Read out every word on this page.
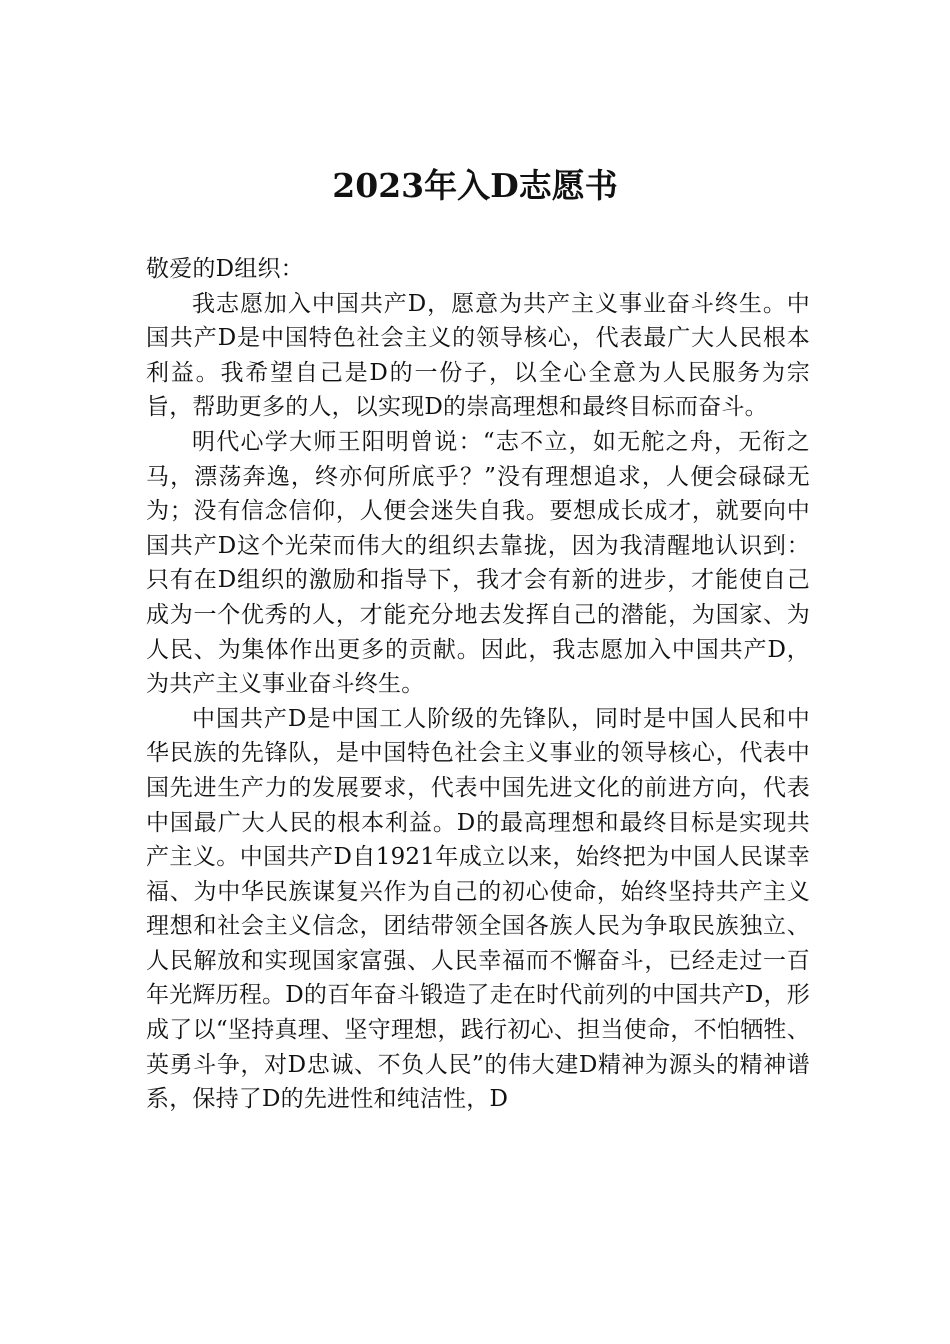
2023年入D志愿书

敬爱的D组织：

我志愿加入中国共产D，愿意为共产主义事业奋斗终生。中国共产D是中国特色社会主义的领导核心，代表最广大人民根本利益。我希望自己是D的一份子，以全心全意为人民服务为宗旨，帮助更多的人，以实现D的崇高理想和最终目标而奋斗。

明代心学大师王阳明曾说：“志不立，如无舵之舟，无衔之马，漂荡奔逸，终亦何所底乎？”没有理想追求，人便会碌碌无为；没有信念信仰，人便会迷失自我。要想成长成才，就要向中国共产D这个光荣而伟大的组织去靠拢，因为我清醒地认识到：只有在D组织的激励和指导下，我才会有新的进步，才能使自己成为一个优秀的人，才能充分地去发挥自己的潜能，为国家、为人民、为集体作出更多的贡献。因此，我志愿加入中国共产D，为共产主义事业奋斗终生。

中国共产D是中国工人阶级的先锋队，同时是中国人民和中华民族的先锋队，是中国特色社会主义事业的领导核心，代表中国先进生产力的发展要求，代表中国先进文化的前进方向，代表中国最广大人民的根本利益。D的最高理想和最终目标是实现共产主义。中国共产D自1921年成立以来，始终把为中国人民谋幸福、为中华民族谋复兴作为自己的初心使命，始终坚持共产主义理想和社会主义信念，团结带领全国各族人民为争取民族独立、人民解放和实现国家富强、人民幸福而不懈奋斗，已经走过一百年光辉历程。D的百年奋斗锻造了走在时代前列的中国共产D，形成了以“坚持真理、坚守理想，践行初心、担当使命，不怕牺牲、英勇斗争，对D忠诚、不负人民”的伟大建D精神为源头的精神谱系，保持了D的先进性和纯洁性，D
